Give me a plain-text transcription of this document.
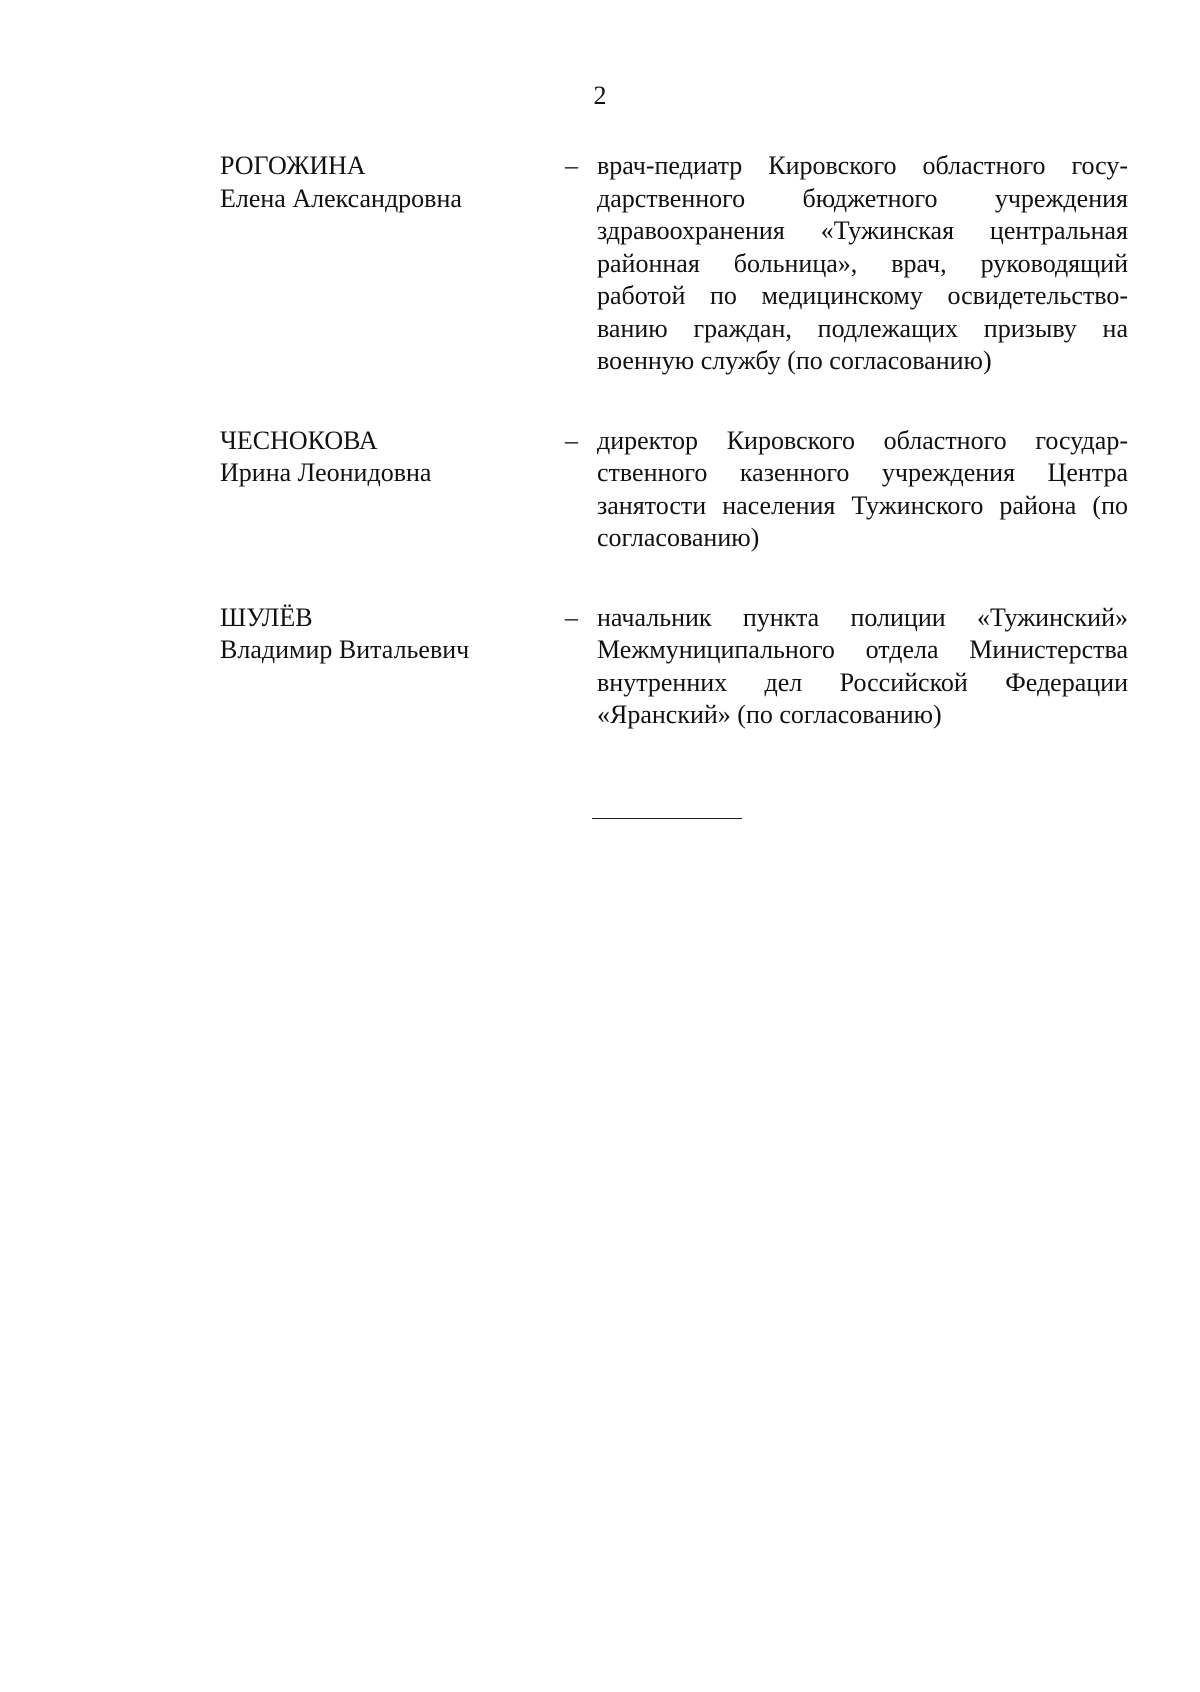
2
РОГОЖИНА
Елена Александровна
– врач-педиатр Кировского областного государственного бюджетного учреждения здравоохранения «Тужинская центральная районная больница», врач, руководящий работой по медицинскому освидетельствованию граждан, подлежащих призыву на военную службу (по согласованию)
ЧЕСНОКОВА
Ирина Леонидовна
– директор Кировского областного государственного казенного учреждения Центра занятости населения Тужинского района (по согласованию)
ШУЛЁВ
Владимир Витальевич
– начальник пункта полиции «Тужинский» Межмуниципального отдела Министерства внутренних дел Российской Федерации «Яранский» (по согласованию)
